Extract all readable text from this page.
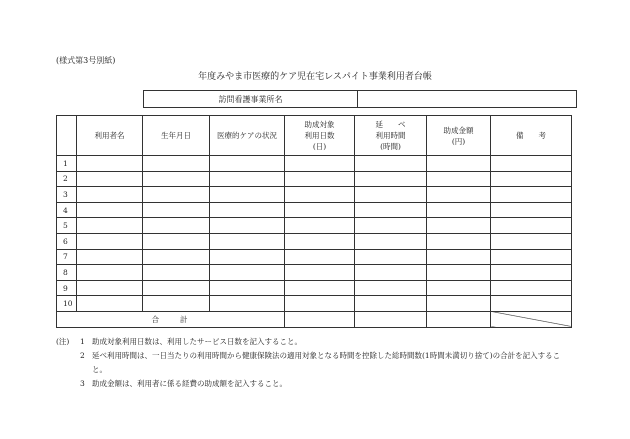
(様式第3号別紙)
年度みやま市医療的ケア児在宅レスパイト事業利用者台帳
訪問看護事業所名
	利用者名	生年月日	医療的ケアの状況	助成対象
利用日数
(日)	延　　べ
利用時間
(時間)	助成金額
(円)	備　　考
1							
2							
3							
4							
5							
6							
7							
8							
9							
10							
合　　計							
(注)	1 助成対象利用日数は、利用したサービス日数を記入すること。
2 延べ利用時間は、一日当たりの利用時間から健康保険法の適用対象となる時間を控除した総時間数(1時間未満切り捨て)の合計を記入すること。
3 助成金額は、利用者に係る経費の助成額を記入すること。
